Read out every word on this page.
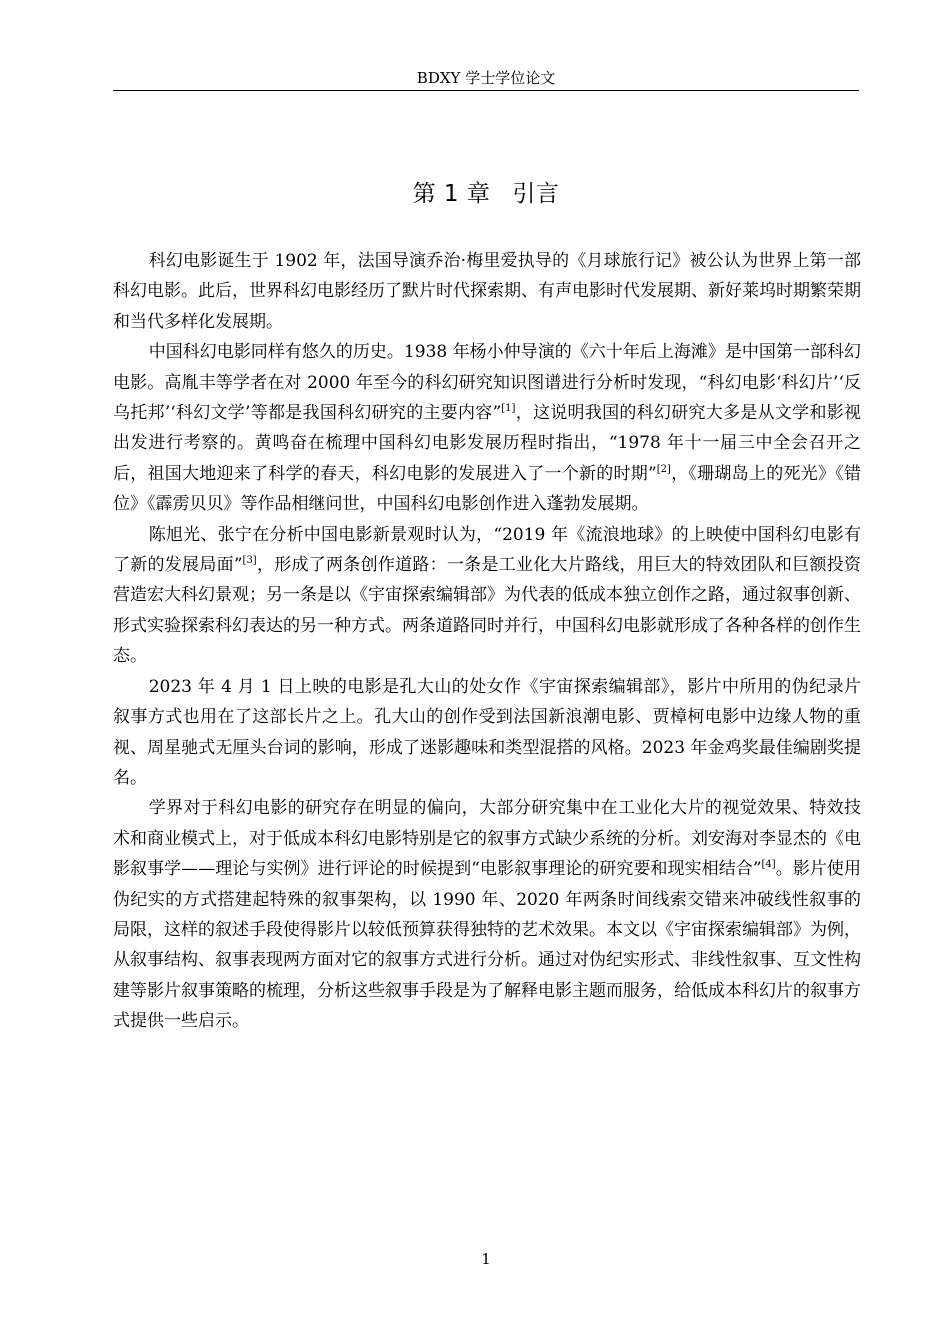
BDXY 学士学位论文
第 1 章 引言

科幻电影诞生于 1902 年，法国导演乔治·梅里爱执导的《月球旅行记》被公认为世界上第一部科幻电影。此后，世界科幻电影经历了默片时代探索期、有声电影时代发展期、新好莱坞时期繁荣期和当代多样化发展期。

中国科幻电影同样有悠久的历史。1938 年杨小仲导演的《六十年后上海滩》是中国第一部科幻电影。高胤丰等学者在对 2000 年至今的科幻研究知识图谱进行分析时发现，“科幻电影‘科幻片’‘反乌托邦’‘科幻文学’等都是我国科幻研究的主要内容”[1]，这说明我国的科幻研究大多是从文学和影视出发进行考察的。黄鸣奋在梳理中国科幻电影发展历程时指出，“1978 年十一届三中全会召开之后，祖国大地迎来了科学的春天，科幻电影的发展进入了一个新的时期”[2]，《珊瑚岛上的死光》《错位》《霹雳贝贝》等作品相继问世，中国科幻电影创作进入蓬勃发展期。

陈旭光、张宁在分析中国电影新景观时认为，“2019 年《流浪地球》的上映使中国科幻电影有了新的发展局面”[3]，形成了两条创作道路：一条是工业化大片路线，用巨大的特效团队和巨额投资营造宏大科幻景观；另一条是以《宇宙探索编辑部》为代表的低成本独立创作之路，通过叙事创新、形式实验探索科幻表达的另一种方式。两条道路同时并行，中国科幻电影就形成了各种各样的创作生态。

2023 年 4 月 1 日上映的电影是孔大山的处女作《宇宙探索编辑部》，影片中所用的伪纪录片叙事方式也用在了这部长片之上。孔大山的创作受到法国新浪潮电影、贾樟柯电影中边缘人物的重视、周星驰式无厘头台词的影响，形成了迷影趣味和类型混搭的风格。2023 年金鸡奖最佳编剧奖提名。

学界对于科幻电影的研究存在明显的偏向，大部分研究集中在工业化大片的视觉效果、特效技术和商业模式上，对于低成本科幻电影特别是它的叙事方式缺少系统的分析。刘安海对李显杰的《电影叙事学——理论与实例》进行评论的时候提到“电影叙事理论的研究要和现实相结合”[4]。影片使用伪纪实的方式搭建起特殊的叙事架构，以 1990 年、2020 年两条时间线索交错来冲破线性叙事的局限，这样的叙述手段使得影片以较低预算获得独特的艺术效果。本文以《宇宙探索编辑部》为例，从叙事结构、叙事表现两方面对它的叙事方式进行分析。通过对伪纪实形式、非线性叙事、互文性构建等影片叙事策略的梳理，分析这些叙事手段是为了解释电影主题而服务，给低成本科幻片的叙事方式提供一些启示。

1
